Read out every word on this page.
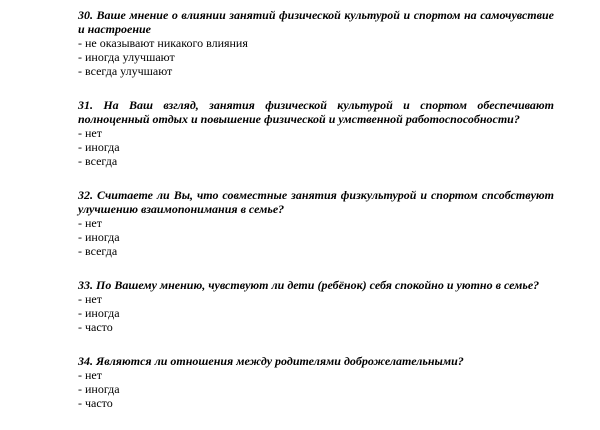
30. Ваше мнение о влиянии занятий физической культурой и спортом на самочувствие и настроение
- не оказывают никакого влияния
- иногда улучшают
- всегда улучшают
31. На Ваш взгляд, занятия физической культурой и спортом обеспечивают полноценный отдых и повышение физической и умственной работоспособности?
- нет
- иногда
- всегда
32. Считаете ли Вы, что совместные занятия физкультурой и спортом спсобствуют улучшению взаимопонимания в семье?
- нет
- иногда
- всегда
33. По Вашему мнению, чувствуют ли дети (ребёнок) себя спокойно и уютно в семье?
- нет
- иногда
- часто
34. Являются ли отношения между родителями доброжелательными?
- нет
- иногда
- часто
